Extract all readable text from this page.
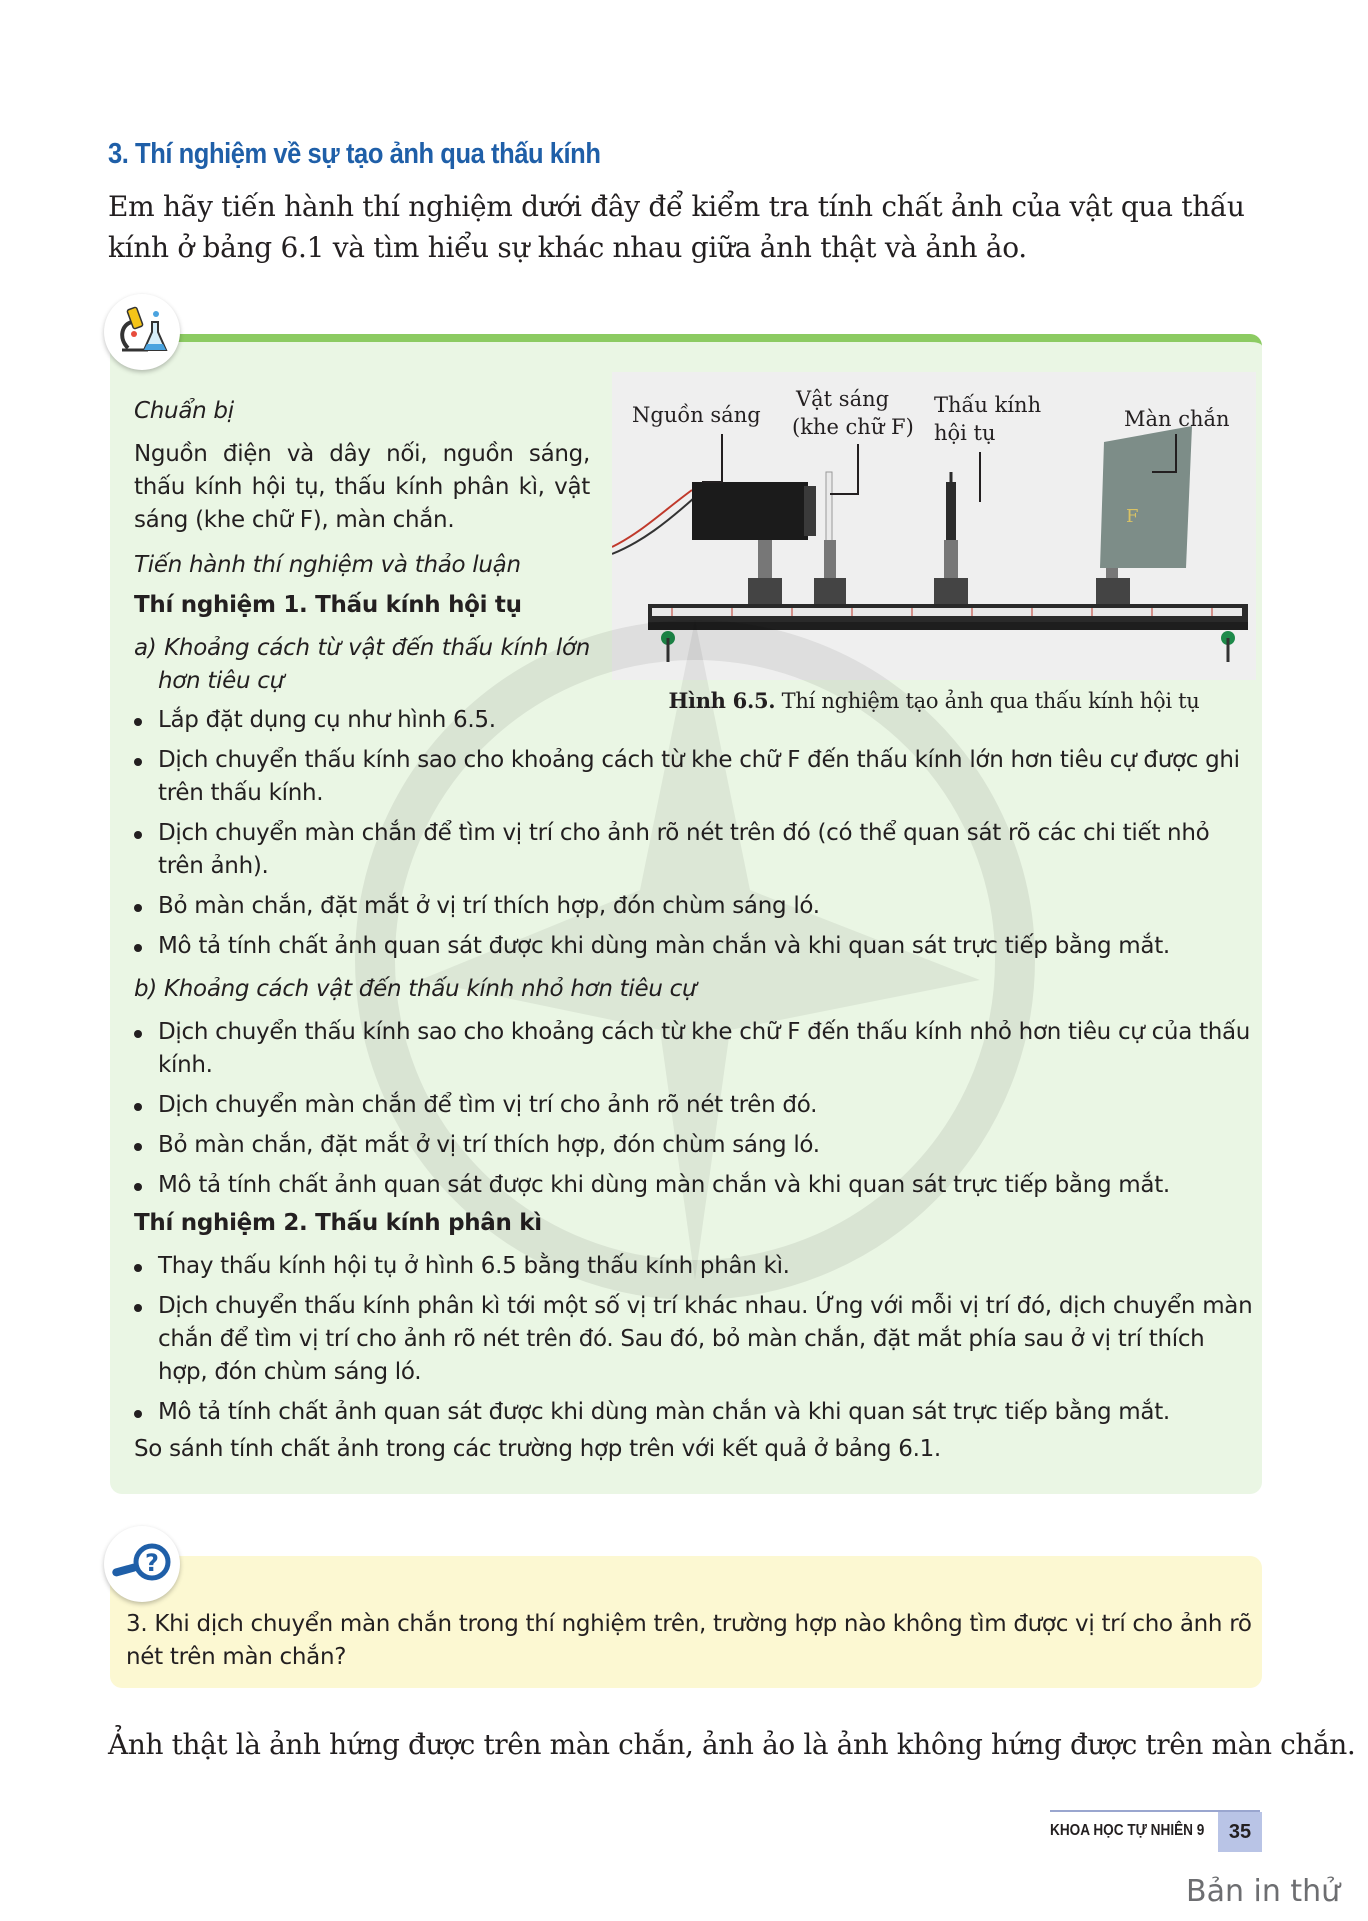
3. Thí nghiệm về sự tạo ảnh qua thấu kính
Em hãy tiến hành thí nghiệm dưới đây để kiểm tra tính chất ảnh của vật qua thấu kính ở bảng 6.1 và tìm hiểu sự khác nhau giữa ảnh thật và ảnh ảo.
Chuẩn bị
Nguồn điện và dây nối, nguồn sáng, thấu kính hội tụ, thấu kính phân kì, vật sáng (khe chữ F), màn chắn.
Tiến hành thí nghiệm và thảo luận
Thí nghiệm 1. Thấu kính hội tụ
a) Khoảng cách từ vật đến thấu kính lớn hơn tiêu cự
F
Nguồn sáng
Vật sáng
(khe chữ F)
Thấu kính
hội tụ
Màn chắn
Hình 6.5. Thí nghiệm tạo ảnh qua thấu kính hội tụ
Lắp đặt dụng cụ như hình 6.5.
Dịch chuyển thấu kính sao cho khoảng cách từ khe chữ F đến thấu kính lớn hơn tiêu cự được ghi trên thấu kính.
Dịch chuyển màn chắn để tìm vị trí cho ảnh rõ nét trên đó (có thể quan sát rõ các chi tiết nhỏ trên ảnh).
Bỏ màn chắn, đặt mắt ở vị trí thích hợp, đón chùm sáng ló.
Mô tả tính chất ảnh quan sát được khi dùng màn chắn và khi quan sát trực tiếp bằng mắt.
b) Khoảng cách vật đến thấu kính nhỏ hơn tiêu cự
Dịch chuyển thấu kính sao cho khoảng cách từ khe chữ F đến thấu kính nhỏ hơn tiêu cự của thấu kính.
Dịch chuyển màn chắn để tìm vị trí cho ảnh rõ nét trên đó.
Bỏ màn chắn, đặt mắt ở vị trí thích hợp, đón chùm sáng ló.
Mô tả tính chất ảnh quan sát được khi dùng màn chắn và khi quan sát trực tiếp bằng mắt.
Thí nghiệm 2. Thấu kính phân kì
Thay thấu kính hội tụ ở hình 6.5 bằng thấu kính phân kì.
Dịch chuyển thấu kính phân kì tới một số vị trí khác nhau. Ứng với mỗi vị trí đó, dịch chuyển màn chắn để tìm vị trí cho ảnh rõ nét trên đó. Sau đó, bỏ màn chắn, đặt mắt phía sau ở vị trí thích hợp, đón chùm sáng ló.
Mô tả tính chất ảnh quan sát được khi dùng màn chắn và khi quan sát trực tiếp bằng mắt.
So sánh tính chất ảnh trong các trường hợp trên với kết quả ở bảng 6.1.
?
3. Khi dịch chuyển màn chắn trong thí nghiệm trên, trường hợp nào không tìm được vị trí cho ảnh rõ nét trên màn chắn?
Ảnh thật là ảnh hứng được trên màn chắn, ảnh ảo là ảnh không hứng được trên màn chắn.
KHOA HỌC TỰ NHIÊN 9	35
Bản in thử
